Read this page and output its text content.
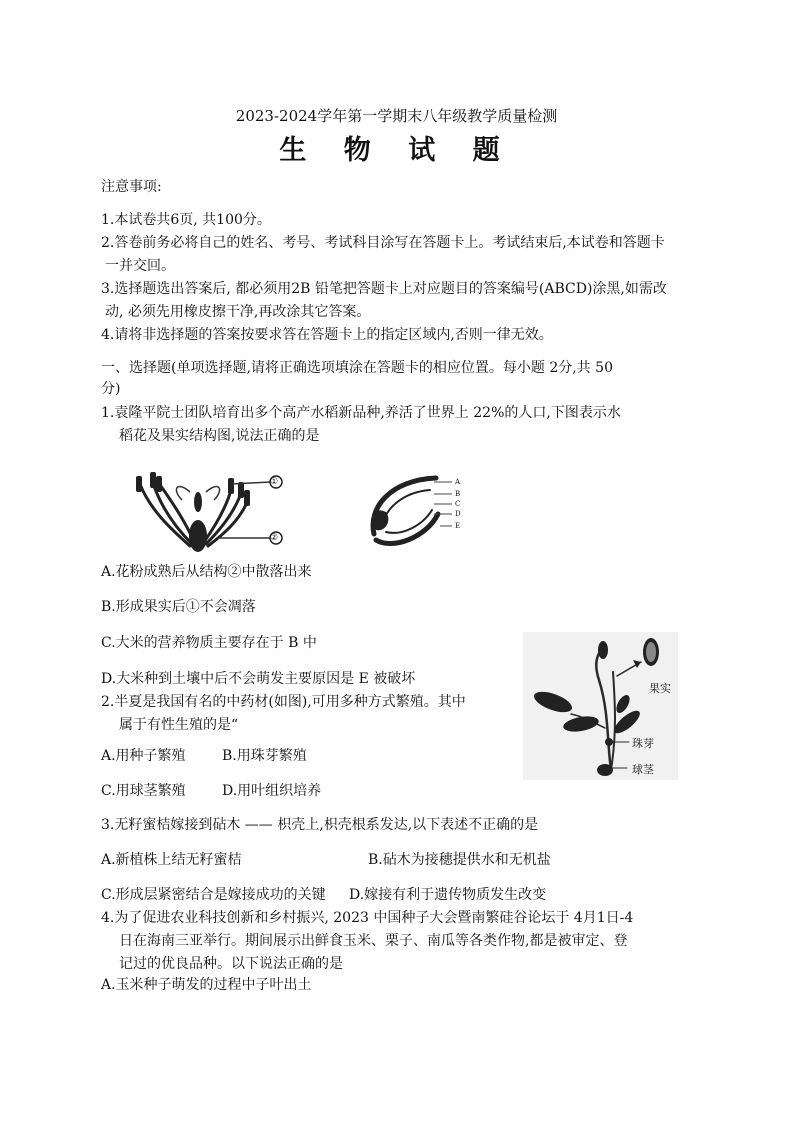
2023-2024学年第一学期末八年级教学质量检测
生 物 试 题
注意事项:
1.本试卷共6页, 共100分。
2.答卷前务必将自己的姓名、考号、考试科目涂写在答题卡上。考试结束后,本试卷和答题卡
一并交回。
3.选择题选出答案后, 都必须用2B 铅笔把答题卡上对应题目的答案编号(ABCD)涂黑,如需改
动, 必须先用橡皮擦干净,再改涂其它答案。
4.请将非选择题的答案按要求答在答题卡上的指定区域内,否则一律无效。
一、选择题(单项选择题,请将正确选项填涂在答题卡的相应位置。每小题 2分,共 50
分)
1.袁隆平院士团队培育出多个高产水稻新品种,养活了世界上 22%的人口,下图表示水
稻花及果实结构图,说法正确的是
①
②
A
B
C
D
E
A.花粉成熟后从结构②中散落出来
B.形成果实后①不会凋落
C.大米的营养物质主要存在于 B 中
D.大米种到土壤中后不会萌发主要原因是 E 被破坏
果实
珠芽
球茎
2.半夏是我国有名的中药材(如图),可用多种方式繁殖。其中
属于有性生殖的是“
A.用种子繁殖	B.用珠芽繁殖
C.用球茎繁殖	D.用叶组织培养
3.无籽蜜桔嫁接到砧木 —— 枳壳上,枳壳根系发达,以下表述不正确的是
A.新植株上结无籽蜜桔	B.砧木为接穗提供水和无机盐
C.形成层紧密结合是嫁接成功的关键 D.嫁接有利于遗传物质发生改变
4.为了促进农业科技创新和乡村振兴, 2023 中国种子大会暨南繁硅谷论坛于 4月1日-4
日在海南三亚举行。期间展示出鲜食玉米、栗子、南瓜等各类作物,都是被审定、登
记过的优良品种。以下说法正确的是
A.玉米种子萌发的过程中子叶出土
